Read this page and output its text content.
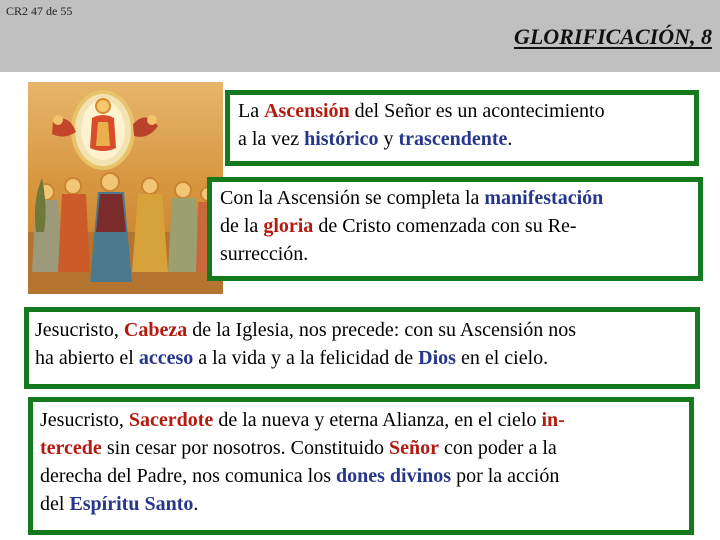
CR2 47 de 55
GLORIFICACIÓN, 8

La Ascensión del Señor es un acontecimiento

a la vez histórico y trascendente.

Con la Ascensión se completa la manifestación

de la gloria de Cristo comenzada con su Re-

surrección.

Jesucristo, Cabeza de la Iglesia, nos precede: con su Ascensión nos

ha abierto el acceso a la vida y a la felicidad de Dios en el cielo.

Jesucristo, Sacerdote de la nueva y eterna Alianza, en el cielo in-

tercede sin cesar por nosotros. Constituido Señor con poder a la

derecha del Padre, nos comunica los dones divinos por la acción

del Espíritu Santo.
